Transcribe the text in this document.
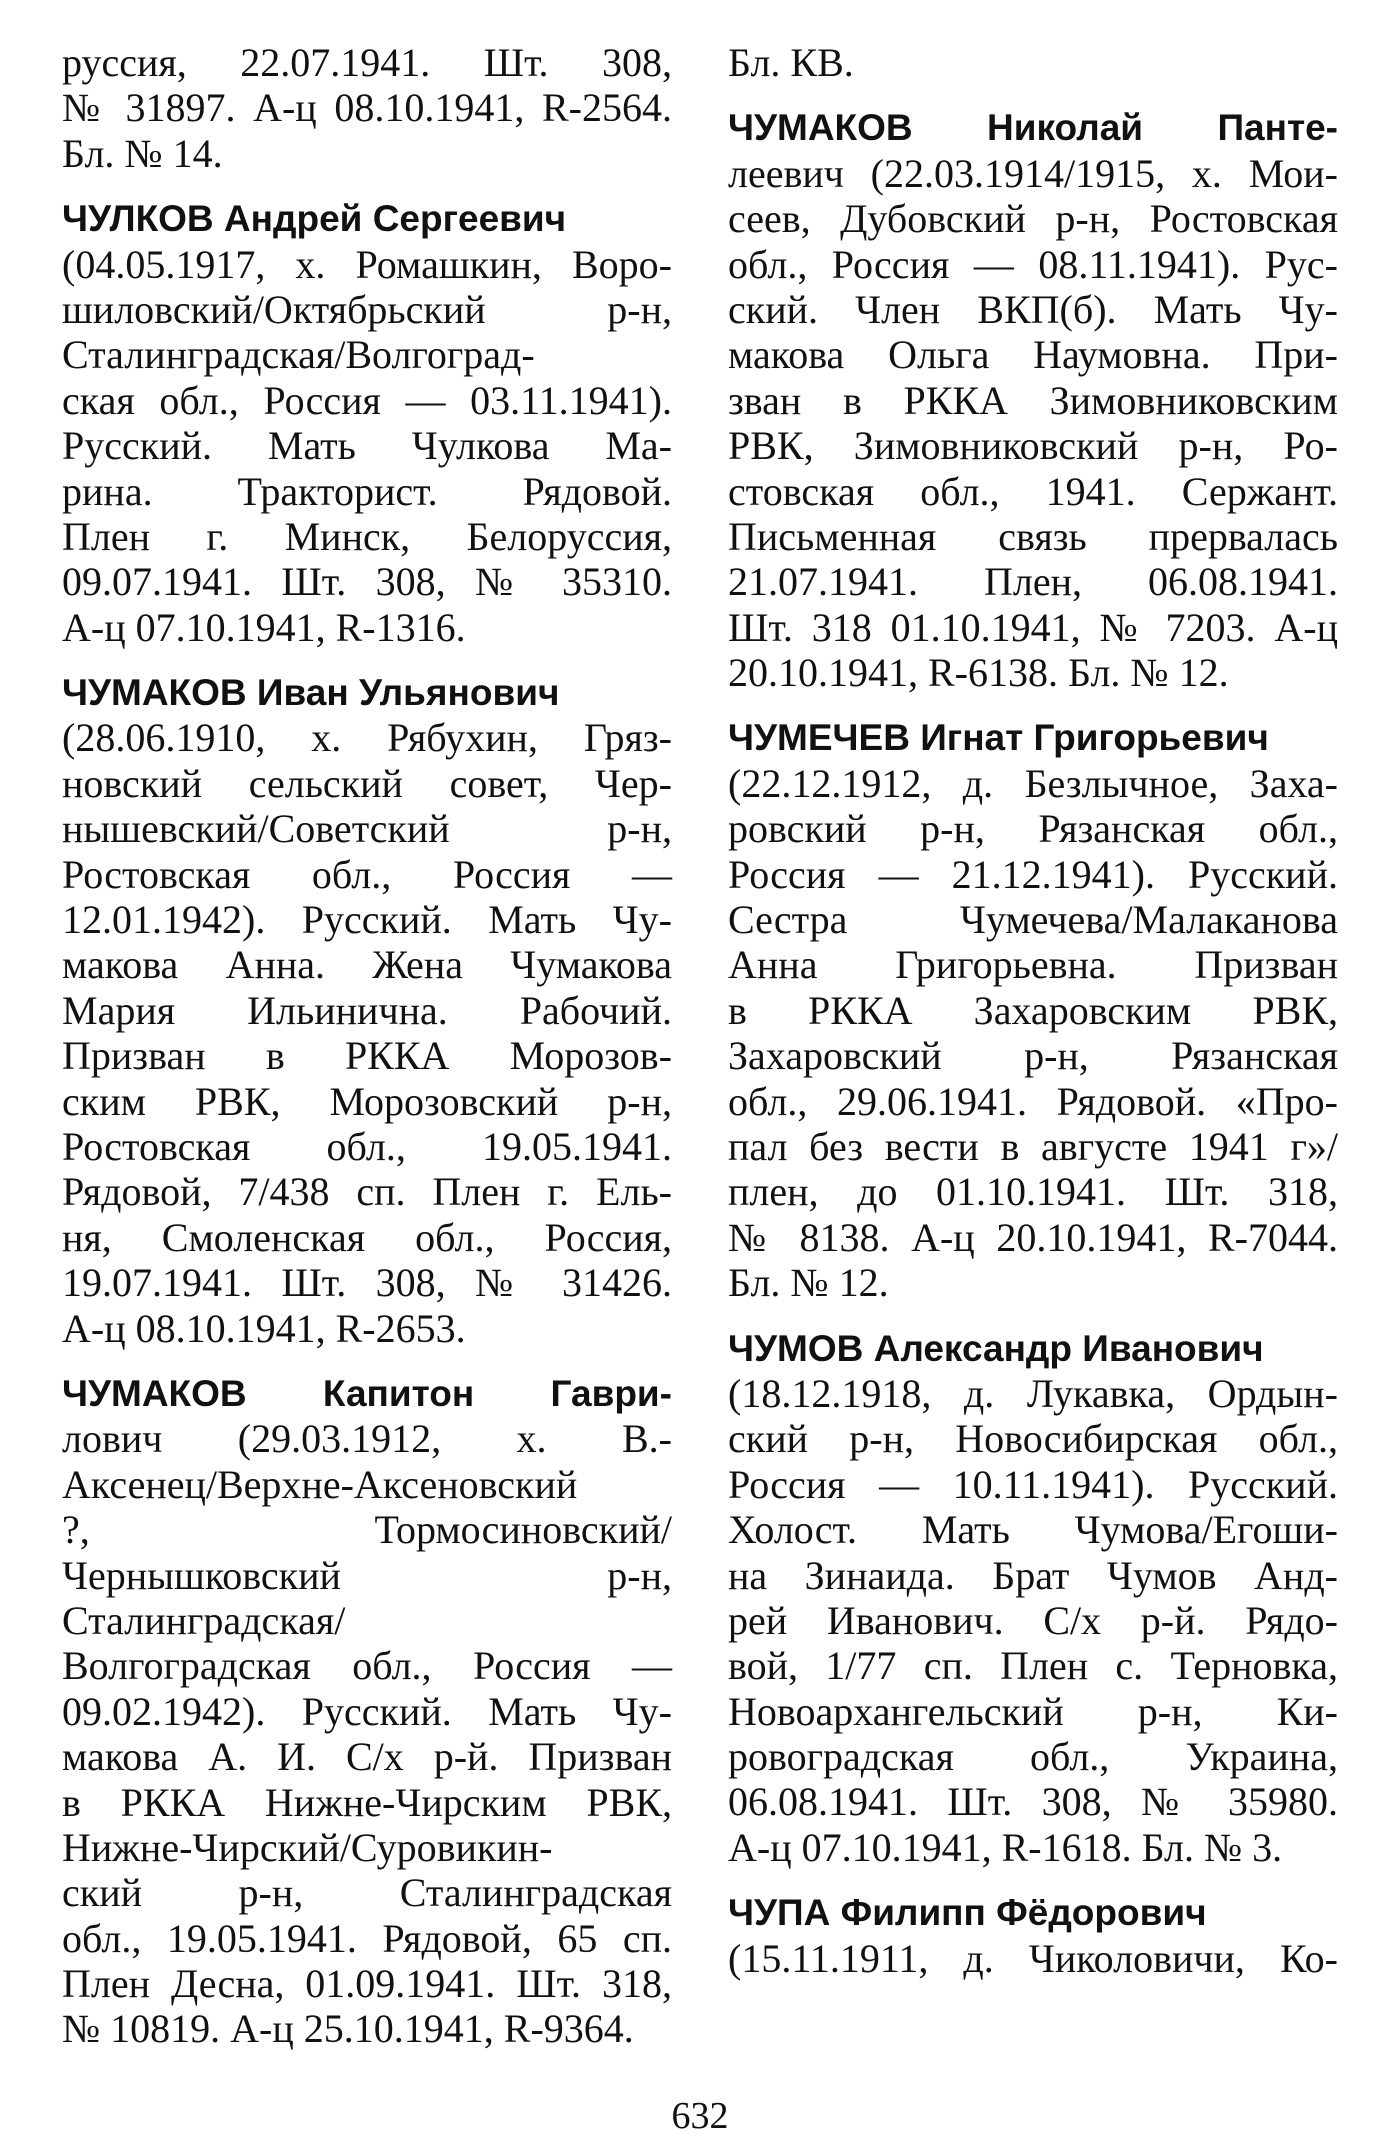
руссия, 22.07.1941. Шт. 308,
№ 31897. А-ц 08.10.1941, R-2564.
Бл. № 14.
ЧУЛКОВ Андрей Сергеевич
(04.05.1917, х. Ромашкин, Воро-
шиловский/Октябрьский р-н,
Сталинградская/Волгоград-
ская обл., Россия — 03.11.1941).
Русский. Мать Чулкова Ма-
рина. Тракторист. Рядовой.
Плен г. Минск, Белоруссия,
09.07.1941. Шт. 308, № 35310.
А-ц 07.10.1941, R-1316.
ЧУМАКОВ Иван Ульянович
(28.06.1910, х. Рябухин, Гряз-
новский сельский совет, Чер-
нышевский/Советский р-н,
Ростовская обл., Россия —
12.01.1942). Русский. Мать Чу-
макова Анна. Жена Чумакова
Мария Ильинична. Рабочий.
Призван в РККА Морозов-
ским РВК, Морозовский р-н,
Ростовская обл., 19.05.1941.
Рядовой, 7/438 сп. Плен г. Ель-
ня, Смоленская обл., Россия,
19.07.1941. Шт. 308, № 31426.
А-ц 08.10.1941, R-2653.
ЧУМАКОВ Капитон Гаври-
лович (29.03.1912, х. В.-
Аксенец/Верхне-Аксеновский
?, Тормосиновский/Чернышковский р-н, Сталинградская/
Волгоградская обл., Россия —
09.02.1942). Русский. Мать Чу-
макова А. И. С/х р-й. Призван
в РККА Нижне-Чирским РВК,
Нижне-Чирский/Суровикин-
ский р-н, Сталинградская
обл., 19.05.1941. Рядовой, 65 сп.
Плен Десна, 01.09.1941. Шт. 318,
№ 10819. А-ц 25.10.1941, R-9364.
Бл. КВ.
ЧУМАКОВ Николай Панте-
леевич (22.03.1914/1915, х. Мои-
сеев, Дубовский р-н, Ростовская
обл., Россия — 08.11.1941). Рус-
ский. Член ВКП(б). Мать Чу-
макова Ольга Наумовна. При-
зван в РККА Зимовниковским
РВК, Зимовниковский р-н, Ро-
стовская обл., 1941. Сержант.
Письменная связь прервалась
21.07.1941. Плен, 06.08.1941.
Шт. 318 01.10.1941, № 7203. А-ц
20.10.1941, R-6138. Бл. № 12.
ЧУМЕЧЕВ Игнат Григорьевич
(22.12.1912, д. Безлычное, Заха-
ровский р-н, Рязанская обл.,
Россия — 21.12.1941). Русский.
Сестра Чумечева/Малаканова
Анна Григорьевна. Призван
в РККА Захаровским РВК,
Захаровский р-н, Рязанская
обл., 29.06.1941. Рядовой. «Про-
пал без вести в августе 1941 г»/
плен, до 01.10.1941. Шт. 318,
№ 8138. А-ц 20.10.1941, R-7044.
Бл. № 12.
ЧУМОВ Александр Иванович
(18.12.1918, д. Лукавка, Ордын-
ский р-н, Новосибирская обл.,
Россия — 10.11.1941). Русский.
Холост. Мать Чумова/Егоши-
на Зинаида. Брат Чумов Анд-
рей Иванович. С/х р-й. Рядо-
вой, 1/77 сп. Плен с. Терновка,
Новоархангельский р-н, Ки-
ровоградская обл., Украина,
06.08.1941. Шт. 308, № 35980.
А-ц 07.10.1941, R-1618. Бл. № 3.
ЧУПА Филипп Фёдорович
(15.11.1911, д. Чиколовичи, Ко-
632
